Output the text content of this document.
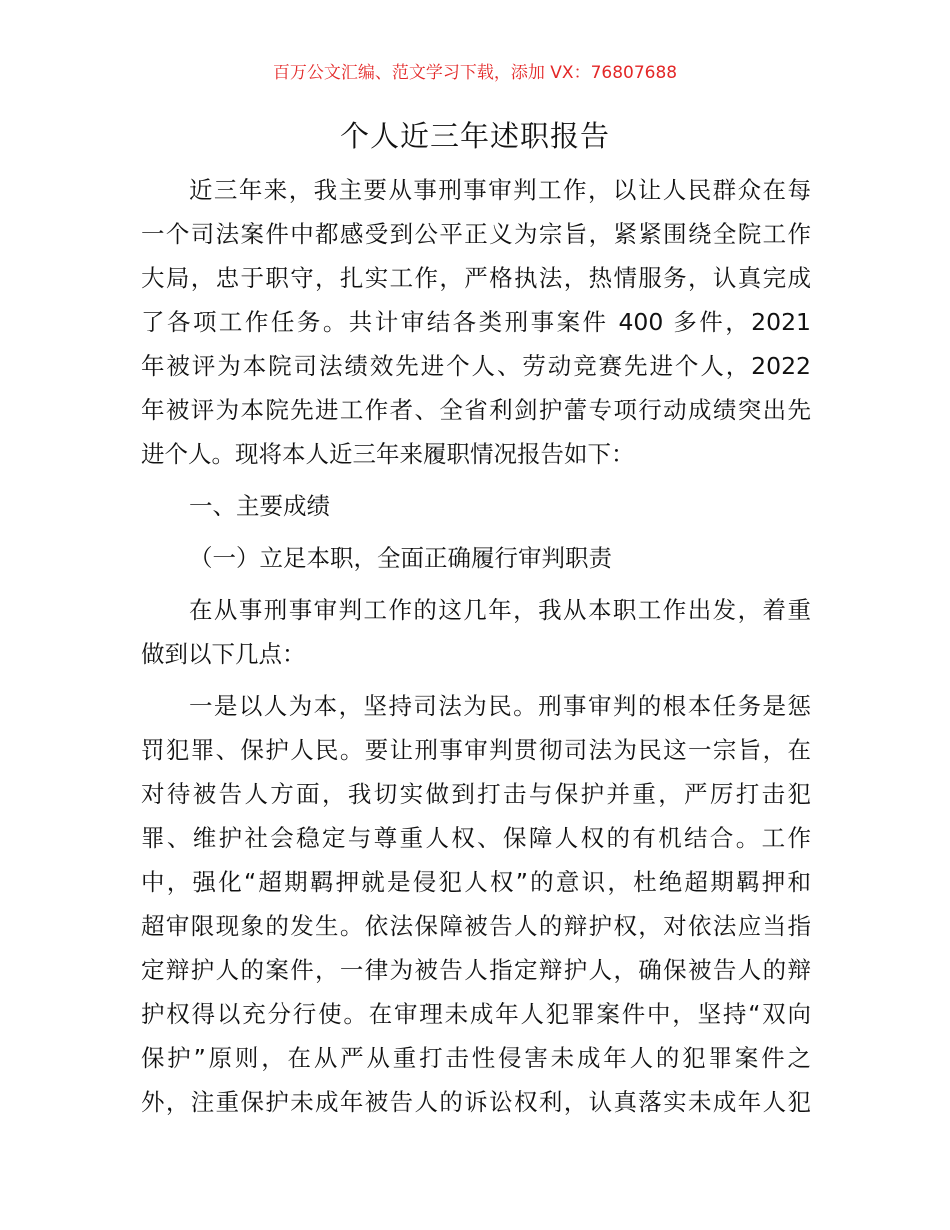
百万公文汇编、范文学习下载，添加 VX：76807688
个人近三年述职报告
近三年来，我主要从事刑事审判工作，以让人民群众在每
一个司法案件中都感受到公平正义为宗旨，紧紧围绕全院工作
大局，忠于职守，扎实工作，严格执法，热情服务，认真完成
了各项工作任务。共计审结各类刑事案件 400 多件，2021
年被评为本院司法绩效先进个人、劳动竞赛先进个人，2022
年被评为本院先进工作者、全省利剑护蕾专项行动成绩突出先
进个人。现将本人近三年来履职情况报告如下：
一、主要成绩
（一）立足本职，全面正确履行审判职责
在从事刑事审判工作的这几年，我从本职工作出发，着重
做到以下几点：
一是以人为本，坚持司法为民。刑事审判的根本任务是惩
罚犯罪、保护人民。要让刑事审判贯彻司法为民这一宗旨，在
对待被告人方面，我切实做到打击与保护并重，严厉打击犯
罪、维护社会稳定与尊重人权、保障人权的有机结合。工作
中，强化“超期羁押就是侵犯人权”的意识，杜绝超期羁押和
超审限现象的发生。依法保障被告人的辩护权，对依法应当指
定辩护人的案件，一律为被告人指定辩护人，确保被告人的辩
护权得以充分行使。在审理未成年人犯罪案件中，坚持“双向
保护”原则，在从严从重打击性侵害未成年人的犯罪案件之
外，注重保护未成年被告人的诉讼权利，认真落实未成年人犯
